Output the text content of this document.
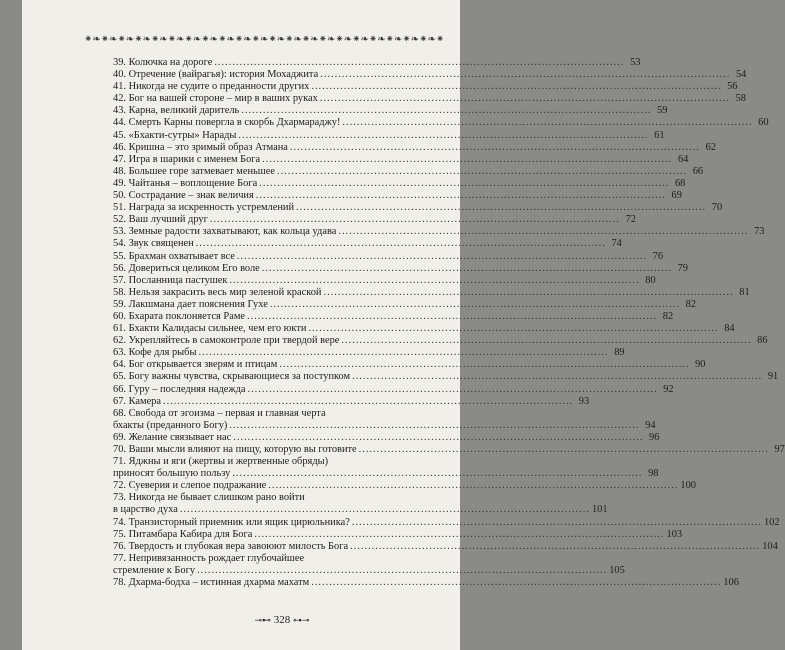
⁕❧⁕❧⁕❧⁕❧⁕❧⁕❧⁕❧⁕❧⁕❧⁕❧⁕❧⁕❧⁕❧⁕❧⁕❧⁕❧⁕❧⁕❧⁕❧⁕❧⁕❧⁕
39. Колючка на дороге .................................................................................................................. 53
40. Отречение (вайрагья): история Мохаджита .................................................................................................................. 54
41. Никогда не судите о преданности других .................................................................................................................. 56
42. Бог на вашей стороне – мир в ваших руках .................................................................................................................. 58
43. Карна, великий даритель .................................................................................................................. 59
44. Смерть Карны повергла в скорбь Дхармараджу! .................................................................................................................. 60
45. «Бхакти-сутры» Нарады .................................................................................................................. 61
46. Кришна – это зримый образ Атмана .................................................................................................................. 62
47. Игра в шарики с именем Бога .................................................................................................................. 64
48. Большее горе затмевает меньшее .................................................................................................................. 66
49. Чайтанья – воплощение Бога .................................................................................................................. 68
50. Сострадание – знак величия .................................................................................................................. 69
51. Награда за искренность устремлений .................................................................................................................. 70
52. Ваш лучший друг .................................................................................................................. 72
53. Земные радости захватывают, как кольца удава .................................................................................................................. 73
54. Звук священен .................................................................................................................. 74
55. Брахман охватывает все .................................................................................................................. 76
56. Довериться целиком Его воле .................................................................................................................. 79
57. Посланница пастушек .................................................................................................................. 80
58. Нельзя закрасить весь мир зеленой краской .................................................................................................................. 81
59. Лакшмана дает пояснения Гухе .................................................................................................................. 82
60. Бхарата поклоняется Раме .................................................................................................................. 82
61. Бхакти Калидасы сильнее, чем его юкти .................................................................................................................. 84
62. Укрепляйтесь в самоконтроле при твердой вере .................................................................................................................. 86
63. Кофе для рыбы .................................................................................................................. 89
64. Бог открывается зверям и птицам .................................................................................................................. 90
65. Богу важны чувства, скрывающиеся за поступком .................................................................................................................. 91
66. Гуру – последняя надежда .................................................................................................................. 92
67. Камера .................................................................................................................. 93
68. Свобода от эгоизма – первая и главная черта
бхакты (преданного Богу) .................................................................................................................. 94
69. Желание связывает нас .................................................................................................................. 96
70. Ваши мысли влияют на пищу, которую вы готовите .................................................................................................................. 97
71. Яджны и яги (жертвы и жертвенные обряды)
приносят большую пользу .................................................................................................................. 98
72. Суеверия и слепое подражание .................................................................................................................. 100
73. Никогда не бывает слишком рано войти
в царство духа .................................................................................................................. 101
74. Транзисторный приемник или ящик цирюльника? .................................................................................................................. 102
75. Питамбара Кабира для Бога .................................................................................................................. 103
76. Твердость и глубокая вера завоюют милость Бога .................................................................................................................. 104
77. Непривязанность рождает глубочайшее
стремление к Богу .................................................................................................................. 105
78. Дхарма-бодха – истинная дхарма махатм .................................................................................................................. 106
⊸⊷ 328 ⊶⊸
